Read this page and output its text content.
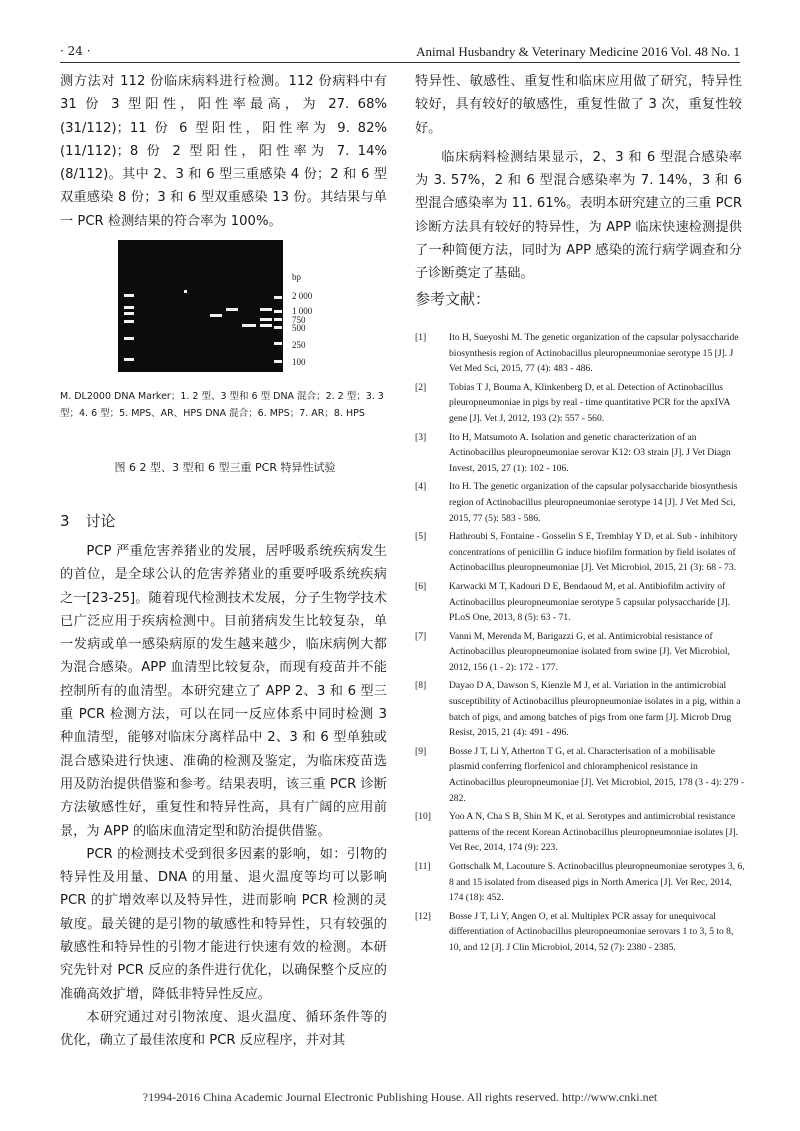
· 24 ·	Animal Husbandry & Veterinary Medicine 2016 Vol. 48 No. 1

测方法对 112 份临床病料进行检测。112 份病料中有 31 份 3 型阳性，阳性率最高，为 27. 68% (31/112)；11 份 6 型阳性，阳性率为 9. 82% (11/112)；8 份 2 型阳性，阳性率为 7. 14% (8/112)。其中 2、3 和 6 型三重感染 4 份；2 和 6 型双重感染 8 份；3 和 6 型双重感染 13 份。其结果与单一 PCR 检测结果的符合率为 100%。

bp
2 000
1 000
750
500
250
100
M. DL2000 DNA Marker；1. 2 型、3 型和 6 型 DNA 混合；2. 2 型；3. 3 型；4. 6 型；5. MPS、AR、HPS DNA 混合；6. MPS；7. AR；8. HPS
图 6 2 型、3 型和 6 型三重 PCR 特异性试验
3 讨论

PCP 严重危害养猪业的发展，居呼吸系统疾病发生的首位，是全球公认的危害养猪业的重要呼吸系统疾病之一[23-25]。随着现代检测技术发展，分子生物学技术已广泛应用于疾病检测中。目前猪病发生比较复杂，单一发病或单一感染病原的发生越来越少，临床病例大都为混合感染。APP 血清型比较复杂，而现有疫苗并不能控制所有的血清型。本研究建立了 APP 2、3 和 6 型三重 PCR 检测方法，可以在同一反应体系中同时检测 3 种血清型，能够对临床分离样品中 2、3 和 6 型单独或混合感染进行快速、准确的检测及鉴定，为临床疫苗选用及防治提供借鉴和参考。结果表明，该三重 PCR 诊断方法敏感性好，重复性和特异性高，具有广阔的应用前景，为 APP 的临床血清定型和防治提供借鉴。

PCR 的检测技术受到很多因素的影响，如：引物的特异性及用量、DNA 的用量、退火温度等均可以影响 PCR 的扩增效率以及特异性，进而影响 PCR 检测的灵敏度。最关键的是引物的敏感性和特异性，只有较强的敏感性和特异性的引物才能进行快速有效的检测。本研究先针对 PCR 反应的条件进行优化，以确保整个反应的准确高效扩增，降低非特异性反应。

本研究通过对引物浓度、退火温度、循环条件等的优化，确立了最佳浓度和 PCR 反应程序，并对其

特异性、敏感性、重复性和临床应用做了研究，特异性较好，具有较好的敏感性，重复性做了 3 次，重复性较好。

临床病料检测结果显示，2、3 和 6 型混合感染率为 3. 57%，2 和 6 型混合感染率为 7. 14%，3 和 6 型混合感染率为 11. 61%。表明本研究建立的三重 PCR 诊断方法具有较好的特异性，为 APP 临床快速检测提供了一种简便方法，同时为 APP 感染的流行病学调查和分子诊断奠定了基础。

参考文献：
[1] Ito H, Sueyoshi M. The genetic organization of the capsular polysaccharide biosynthesis region of Actinobacillus pleuropneumoniae serotype 15 [J]. J Vet Med Sci, 2015, 77 (4): 483 - 486.
[2] Tobias T J, Bouma A, Klinkenberg D, et al. Detection of Actinobacillus pleuropneumoniae in pigs by real - time quantitative PCR for the apxIVA gene [J]. Vet J, 2012, 193 (2): 557 - 560.
[3] Ito H, Matsumoto A. Isolation and genetic characterization of an Actinobacillus pleuropneumoniae serovar K12: O3 strain [J]. J Vet Diagn Invest, 2015, 27 (1): 102 - 106.
[4] Ito H. The genetic organization of the capsular polysaccharide biosynthesis region of Actinobacillus pleuropneumoniae serotype 14 [J]. J Vet Med Sci, 2015, 77 (5): 583 - 586.
[5] Hathroubi S, Fontaine - Gosselin S E, Tremblay Y D, et al. Sub - inhibitory concentrations of penicillin G induce biofilm formation by field isolates of Actinobacillus pleuropneumoniae [J]. Vet Microbiol, 2015, 21 (3): 68 - 73.
[6] Karwacki M T, Kadouri D E, Bendaoud M, et al. Antibiofilm activity of Actinobacillus pleuropneumoniae serotype 5 capsular polysaccharide [J]. PLoS One, 2013, 8 (5): 63 - 71.
[7] Vanni M, Merenda M, Barigazzi G, et al. Antimicrobial resistance of Actinobacillus pleuropneumoniae isolated from swine [J]. Vet Microbiol, 2012, 156 (1 - 2): 172 - 177.
[8] Dayao D A, Dawson S, Kienzle M J, et al. Variation in the antimicrobial susceptibility of Actinobacillus pleuropneumoniae isolates in a pig, within a batch of pigs, and among batches of pigs from one farm [J]. Microb Drug Resist, 2015, 21 (4): 491 - 496.
[9] Bosse J T, Li Y, Atherton T G, et al. Characterisation of a mobilisable plasmid conferring florfenicol and chloramphenicol resistance in Actinobacillus pleuropneumoniae [J]. Vet Microbiol, 2015, 178 (3 - 4): 279 - 282.
[10] Yoo A N, Cha S B, Shin M K, et al. Serotypes and antimicrobial resistance patterns of the recent Korean Actinobacillus pleuropneumoniae isolates [J]. Vet Rec, 2014, 174 (9): 223.
[11] Gottschalk M, Lacouture S. Actinobacillus pleuropneumoniae serotypes 3, 6, 8 and 15 isolated from diseased pigs in North America [J]. Vet Rec, 2014, 174 (18): 452.
[12] Bosse J T, Li Y, Angen O, et al. Multiplex PCR assay for unequivocal differentiation of Actinobacillus pleuropneumoniae serovars 1 to 3, 5 to 8, 10, and 12 [J]. J Clin Microbiol, 2014, 52 (7): 2380 - 2385.
?1994-2016 China Academic Journal Electronic Publishing House. All rights reserved. http://www.cnki.net
